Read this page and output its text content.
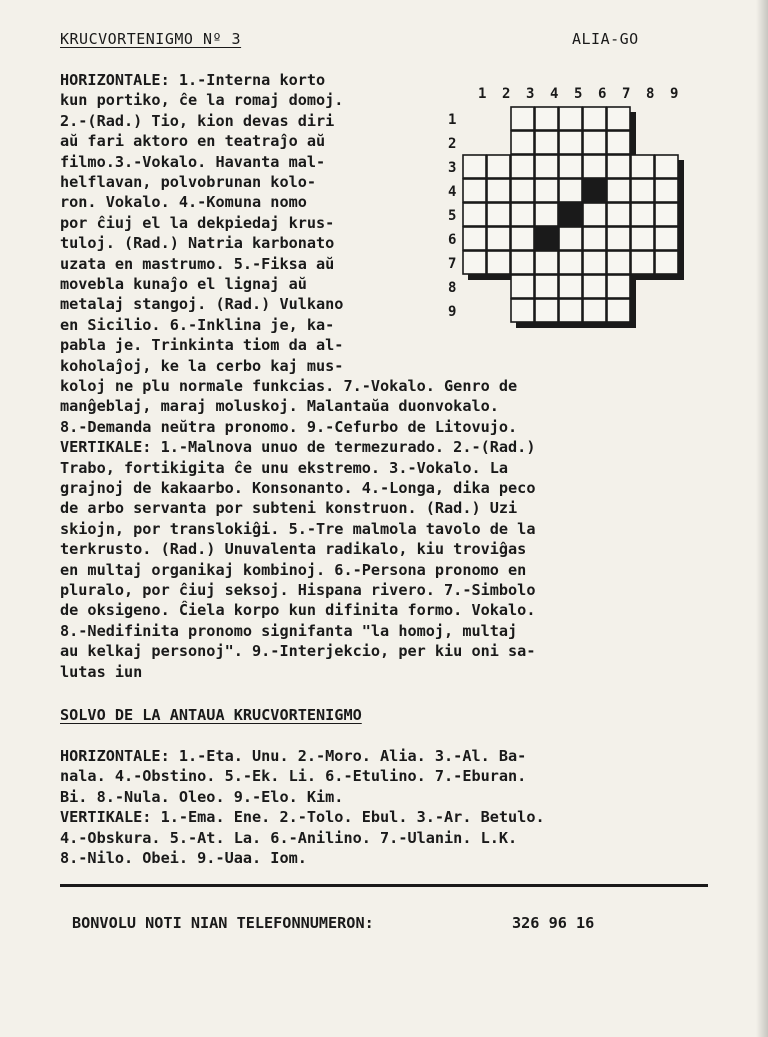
KRUCVORTENIGMO Nº 3	ALIA-GO
HORIZONTALE: 1.-Interna korto
kun portiko, ĉe la romaj domoj.
2.-(Rad.) Tio, kion devas diri
aŭ fari aktoro en teatraĵo aŭ
filmo.3.-Vokalo. Havanta mal-
helflavan, polvobrunan kolo-
ron. Vokalo. 4.-Komuna nomo
por ĉiuj el la dekpiedaj krus-
tuloj. (Rad.) Natria karbonato
uzata en mastrumo. 5.-Fiksa aŭ
movebla kunaĵo el lignaj aŭ
metalaj stangoj. (Rad.) Vulkano
en Sicilio. 6.-Inklina je, ka-
pabla je. Trinkinta tiom da al-
koholaĵoj, ke la cerbo kaj mus-
1 2 3 4 5 6 7 8 9
1
2
3
4
5
6
7
8
9
koloj ne plu normale funkcias. 7.-Vokalo. Genro de
manĝeblaj, maraj moluskoj. Malantaŭa duonvokalo.
8.-Demanda neŭtra pronomo. 9.-Cefurbo de Litovujo.
VERTIKALE: 1.-Malnova unuo de termezurado. 2.-(Rad.)
Trabo, fortikigita ĉe unu ekstremo. 3.-Vokalo. La
grajnoj de kakaarbo. Konsonanto. 4.-Longa, dika peco
de arbo servanta por subteni konstruon. (Rad.) Uzi
skiojn, por translokiĝi. 5.-Tre malmola tavolo de la
terkrusto. (Rad.) Unuvalenta radikalo, kiu troviĝas
en multaj organikaj kombinoj. 6.-Persona pronomo en
pluralo, por ĉiuj seksoj. Hispana rivero. 7.-Simbolo
de oksigeno. Ĉiela korpo kun difinita formo. Vokalo.
8.-Nedifinita pronomo signifanta "la homoj, multaj
au kelkaj personoj". 9.-Interjekcio, per kiu oni sa-
lutas iun
SOLVO DE LA ANTAUA KRUCVORTENIGMO
HORIZONTALE: 1.-Eta. Unu. 2.-Moro. Alia. 3.-Al. Ba-
nala. 4.-Obstino. 5.-Ek. Li. 6.-Etulino. 7.-Eburan.
Bi. 8.-Nula. Oleo. 9.-Elo. Kim.
VERTIKALE: 1.-Ema. Ene. 2.-Tolo. Ebul. 3.-Ar. Betulo.
4.-Obskura. 5.-At. La. 6.-Anilino. 7.-Ulanin. L.K.
8.-Nilo. Obei. 9.-Uaa. Iom.
BONVOLU NOTI NIAN TELEFONNUMERON:	326 96 16
